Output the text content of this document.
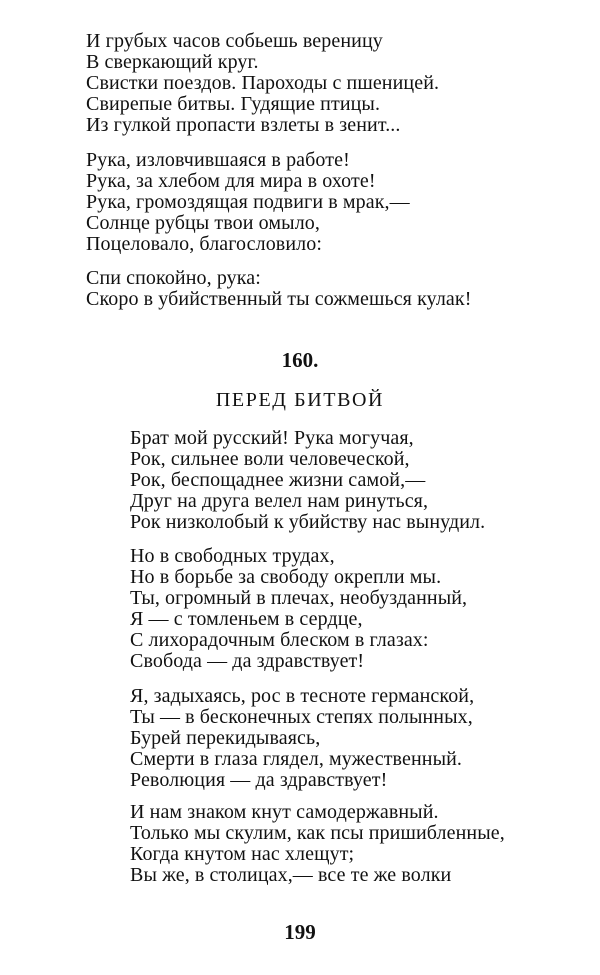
И грубых часов собьешь вереницу
В сверкающий круг.
Свистки поездов. Пароходы с пшеницей.
Свирепые битвы. Гудящие птицы.
Из гулкой пропасти взлеты в зенит...
Рука, изловчившаяся в работе!
Рука, за хлебом для мира в охоте!
Рука, громоздящая подвиги в мрак,—
Солнце рубцы твои омыло,
Поцеловало, благословило:
Спи спокойно, рука:
Скоро в убийственный ты сожмешься кулак!
160.
ПЕРЕД БИТВОЙ
Брат мой русский! Рука могучая,
Рок, сильнее воли человеческой,
Рок, беспощаднее жизни самой,—
Друг на друга велел нам ринуться,
Рок низколобый к убийству нас вынудил.
Но в свободных трудах,
Но в борьбе за свободу окрепли мы.
Ты, огромный в плечах, необузданный,
Я — с томленьем в сердце,
С лихорадочным блеском в глазах:
Свобода — да здравствует!
Я, задыхаясь, рос в тесноте германской,
Ты — в бесконечных степях полынных,
Бурей перекидываясь,
Смерти в глаза глядел, мужественный.
Революция — да здравствует!
И нам знаком кнут самодержавный.
Только мы скулим, как псы пришибленные,
Когда кнутом нас хлещут;
Вы же, в столицах,— все те же волки
199
